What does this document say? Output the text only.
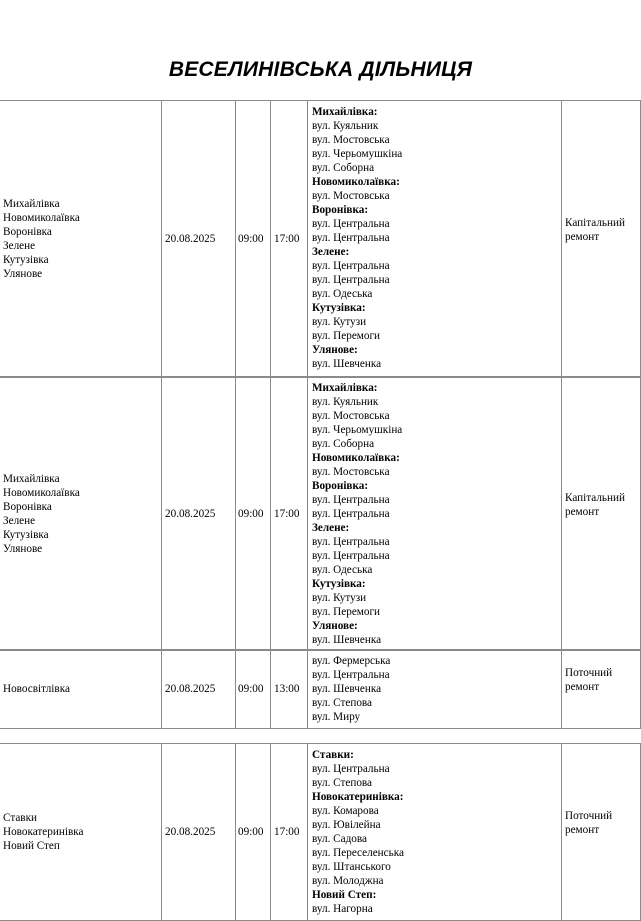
ВЕСЕЛИНІВСЬКА ДІЛЬНИЦЯ
Михайлівка
Новомиколаївка
Воронівка
Зелене
Кутузівка
Улянове
20.08.2025 09:00 17:00
Михайлівка:
вул. Куяльник
вул. Мостовська
вул. Черьомушкіна
вул. Соборна
Новомиколаївка:
вул. Мостовська
Воронівка:
вул. Центральна
вул. Центральна
Зелене:
вул. Центральна
вул. Центральна
вул. Одеська
Кутузівка:
вул. Кутузи
вул. Перемоги
Улянове:
вул. Шевченка
Капітальний
ремонт
Михайлівка
Новомиколаївка
Воронівка
Зелене
Кутузівка
Улянове
20.08.2025 09:00 17:00
Михайлівка:
вул. Куяльник
вул. Мостовська
вул. Черьомушкіна
вул. Соборна
Новомиколаївка:
вул. Мостовська
Воронівка:
вул. Центральна
вул. Центральна
Зелене:
вул. Центральна
вул. Центральна
вул. Одеська
Кутузівка:
вул. Кутузи
вул. Перемоги
Улянове:
вул. Шевченка
Капітальний
ремонт
Новосвітлівка	20.08.2025 09:00 13:00
вул. Фермерська
вул. Центральна
вул. Шевченка
вул. Степова
вул. Миру
Поточний
ремонт
Ставки
Новокатеринівка
Новий Степ
20.08.2025 09:00 17:00
Ставки:
вул. Центральна
вул. Степова
Новокатеринівка:
вул. Комарова
вул. Ювілейна
вул. Садова
вул. Переселенська
вул. Штанського
вул. Молоджна
Новий Степ:
вул. Нагорна
Поточний
ремонт
